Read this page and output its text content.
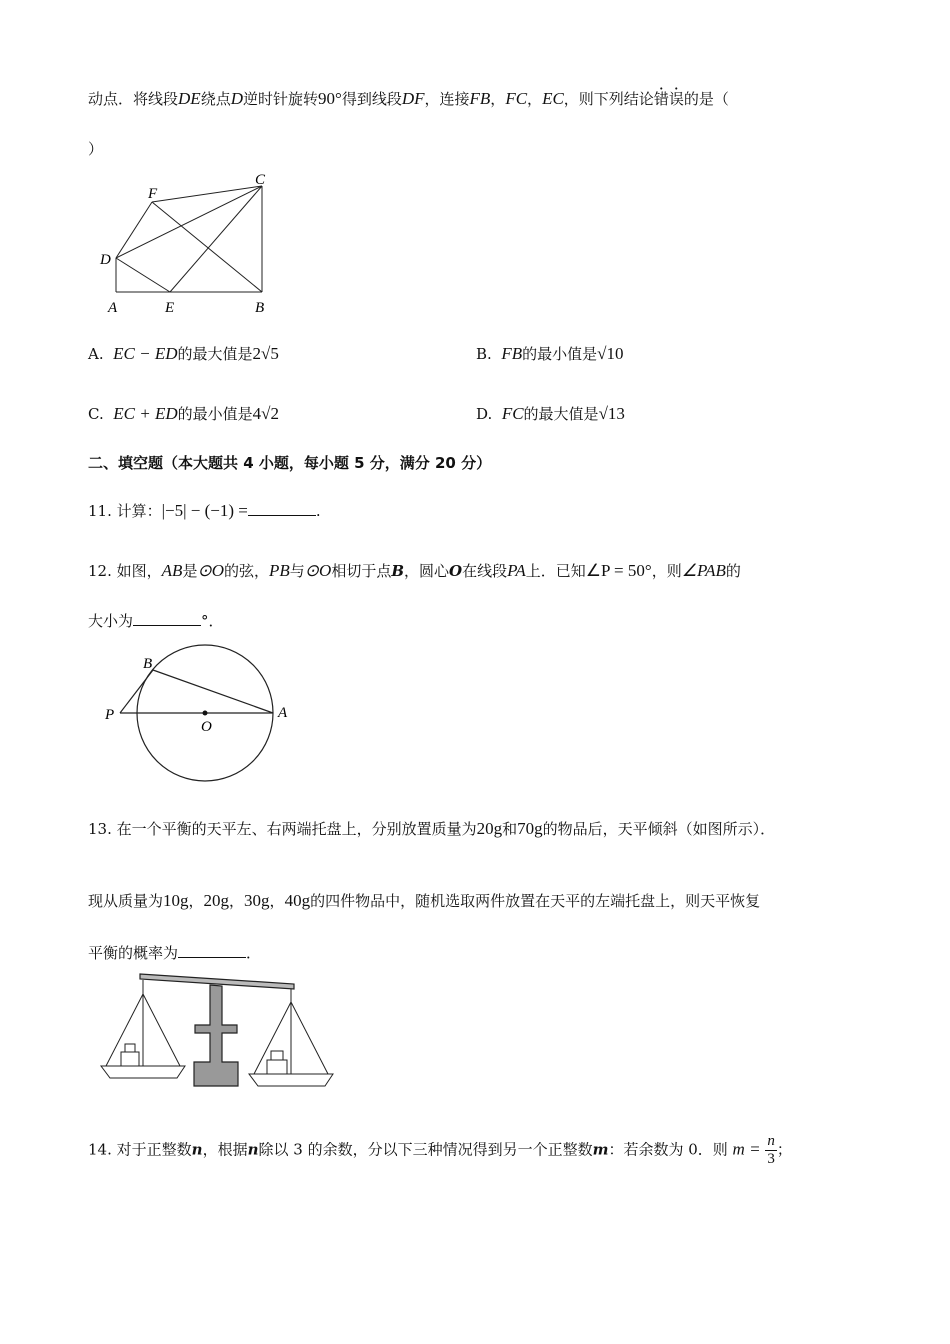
动点．将线段DE绕点D逆时针旋转90°得到线段DF，连接FB，FC，EC，则下列结论错误的是（
）
F
C
D
A	E	B
A. EC − ED的最大值是2√5	B. FB的最小值是√10
C. EC + ED的最小值是4√2	D. FC的最大值是√13
二、填空题（本大题共 4 小题，每小题 5 分，满分 20 分）
11. 计算：|−5| − (−1) =	.
12. 如图，AB是⊙O的弦，PB与⊙O相切于点B，圆心O在线段PA上．已知∠P = 50°，则∠PAB的
大小为	°．
B
P
O
A
13. 在一个平衡的天平左、右两端托盘上，分别放置质量为20g和70g的物品后，天平倾斜（如图所示）．
现从质量为10g，20g，30g，40g的四件物品中，随机选取两件放置在天平的左端托盘上，则天平恢复
平衡的概率为	．
14. 对于正整数n，根据n除以 3 的余数，分以下三种情况得到另一个正整数m：若余数为 0．则 $m = \frac{n}{3}$ ；
